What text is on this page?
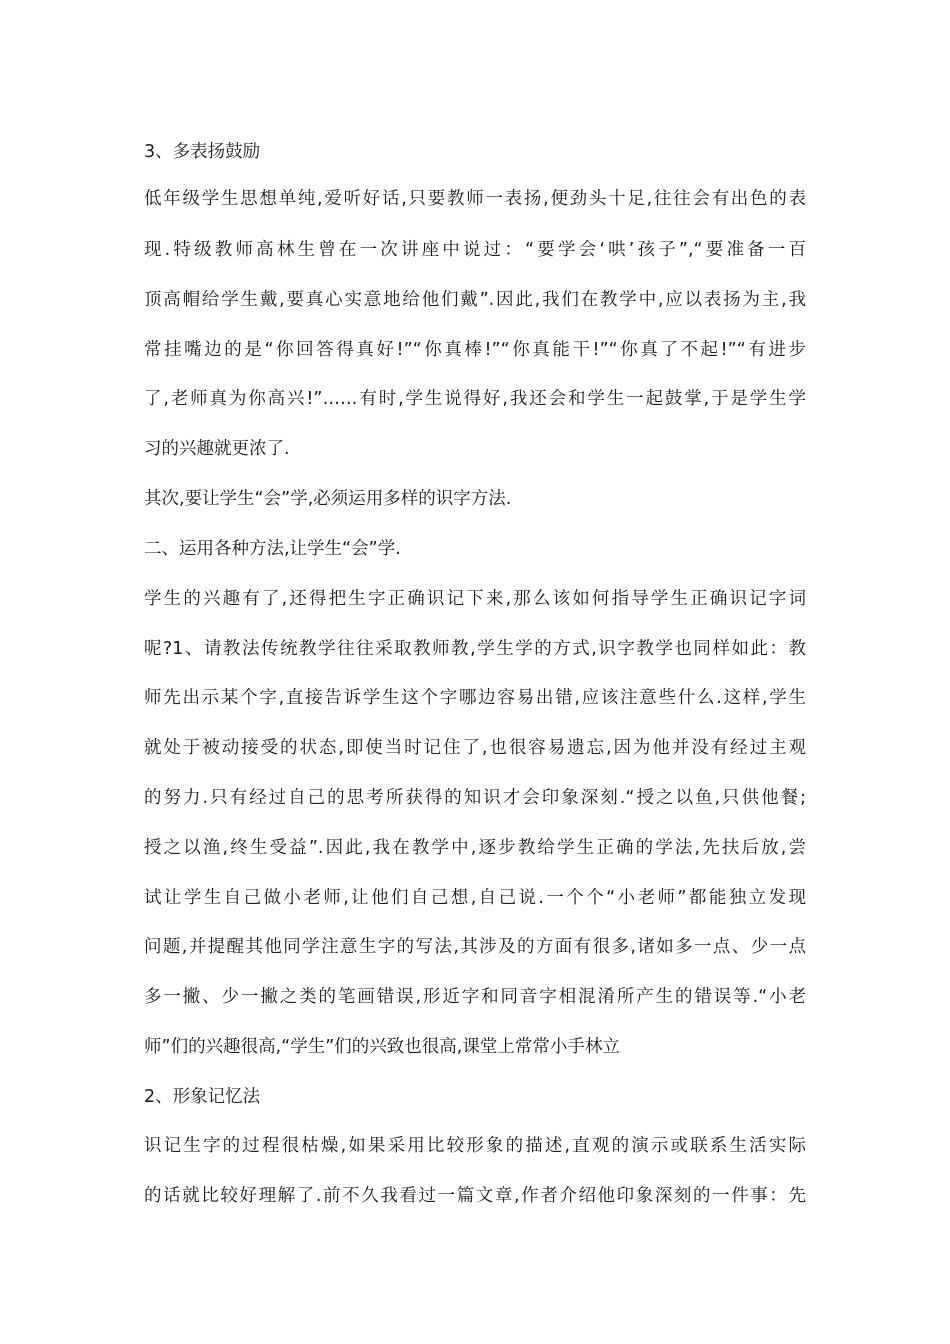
3、多表扬鼓励
低年级学生思想单纯,爱听好话,只要教师一表扬,便劲头十足,往往会有出色的表
现.特级教师高林生曾在一次讲座中说过：“要学会‘哄’孩子”,“要准备一百
顶高帽给学生戴,要真心实意地给他们戴”.因此,我们在教学中,应以表扬为主,我
常挂嘴边的是“你回答得真好!”“你真棒!”“你真能干!”“你真了不起!”“有进步
了,老师真为你高兴!”……有时,学生说得好,我还会和学生一起鼓掌,于是学生学
习的兴趣就更浓了.
其次,要让学生“会”学,必须运用多样的识字方法.
二、运用各种方法,让学生“会”学.
学生的兴趣有了,还得把生字正确识记下来,那么该如何指导学生正确识记字词
呢?1、请教法传统教学往往采取教师教,学生学的方式,识字教学也同样如此：教
师先出示某个字,直接告诉学生这个字哪边容易出错,应该注意些什么.这样,学生
就处于被动接受的状态,即使当时记住了,也很容易遗忘,因为他并没有经过主观
的努力.只有经过自己的思考所获得的知识才会印象深刻.“授之以鱼,只供他餐;
授之以渔,终生受益”.因此,我在教学中,逐步教给学生正确的学法,先扶后放,尝
试让学生自己做小老师,让他们自己想,自己说.一个个“小老师”都能独立发现
问题,并提醒其他同学注意生字的写法,其涉及的方面有很多,诸如多一点、少一点
多一撇、少一撇之类的笔画错误,形近字和同音字相混淆所产生的错误等.“小老
师”们的兴趣很高,“学生”们的兴致也很高,课堂上常常小手林立
2、形象记忆法
识记生字的过程很枯燥,如果采用比较形象的描述,直观的演示或联系生活实际
的话就比较好理解了.前不久我看过一篇文章,作者介绍他印象深刻的一件事：先
